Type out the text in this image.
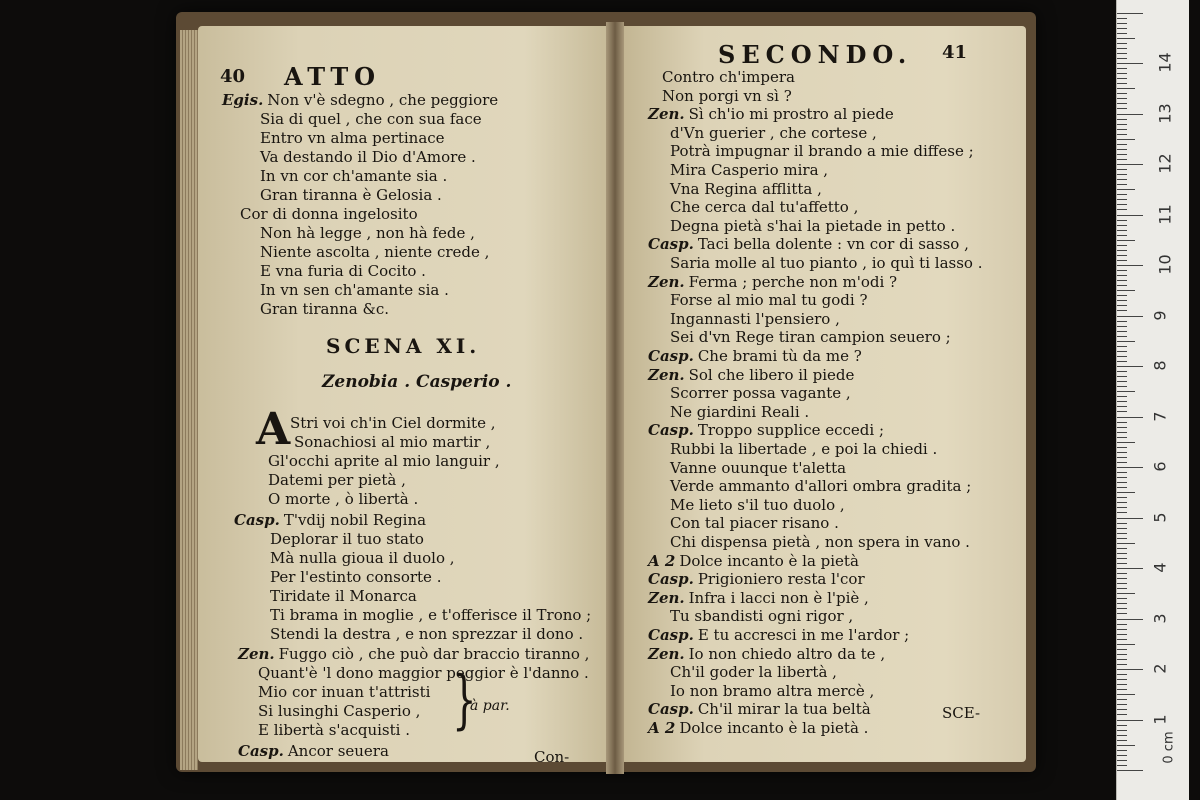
40 ATTO
Egis. Non v'è sdegno , che peggiore
Sia di quel , che con sua face
Entro vn alma pertinace
Va destando il Dio d'Amore .
In vn cor ch'amante sia .
Gran tiranna è Gelosia .
Cor di donna ingelosito
Non hà legge , non hà fede ,
Niente ascolta , niente crede ,
E vna furia di Cocito .
In vn sen ch'amante sia .
Gran tiranna &c.
SCENA XI.
Zenobia . Casperio .
A Stri voi ch'in Ciel dormite ,
Sonachiosi al mio martir ,
Gl'occhi aprite al mio languir ,
Datemi per pietà ,
O morte , ò libertà .
Casp. T'vdij nobil Regina
Deplorar il tuo stato
Mà nulla gioua il duolo ,
Per l'estinto consorte .
Tiridate il Monarca
Ti brama in moglie , e t'offerisce il Trono ;
Stendi la destra , e non sprezzar il dono .
Zen. Fuggo ciò , che può dar braccio tiranno ,
Quant'è 'l dono maggior peggior è l'danno .
Mio cor inuan t'attristi
Si lusinghi Casperio ,
E libertà s'acquisti . }
à par.
Casp. Ancor seuera	Con-
SECONDO. 41
Contro ch'impera
Non porgi vn sì ?
Zen. Sì ch'io mi prostro al piede
d'Vn guerier , che cortese ,
Potrà impugnar il brando a mie diffese ;
Mira Casperio mira ,
Vna Regina afflitta ,
Che cerca dal tu'affetto ,
Degna pietà s'hai la pietade in petto .
Casp. Taci bella dolente : vn cor di sasso ,
Saria molle al tuo pianto , io quì ti lasso .
Zen. Ferma ; perche non m'odi ?
Forse al mio mal tu godi ?
Ingannasti l'pensiero ,
Sei d'vn Rege tiran campion seuero ;
Casp. Che brami tù da me ?
Zen. Sol che libero il piede
Scorrer possa vagante ,
Ne giardini Reali .
Casp. Troppo supplice eccedi ;
Rubbi la libertade , e poi la chiedi .
Vanne ouunque t'aletta
Verde ammanto d'allori ombra gradita ;
Me lieto s'il tuo duolo ,
Con tal piacer risano .
Chi dispensa pietà , non spera in vano .
A 2 Dolce incanto è la pietà
Casp. Prigioniero resta l'cor
Zen. Infra i lacci non è l'piè ,
Tu sbandisti ogni rigor ,
Casp. E tu accresci in me l'ardor ;
Zen. Io non chiedo altro da te ,
Ch'il goder la libertà ,
Io non bramo altra mercè ,
Casp. Ch'il mirar la tua beltà
A 2 Dolce incanto è la pietà .
SCE-	1
2
3
4
5
6
7
8
9
10
11
12
13
14
0 cm
